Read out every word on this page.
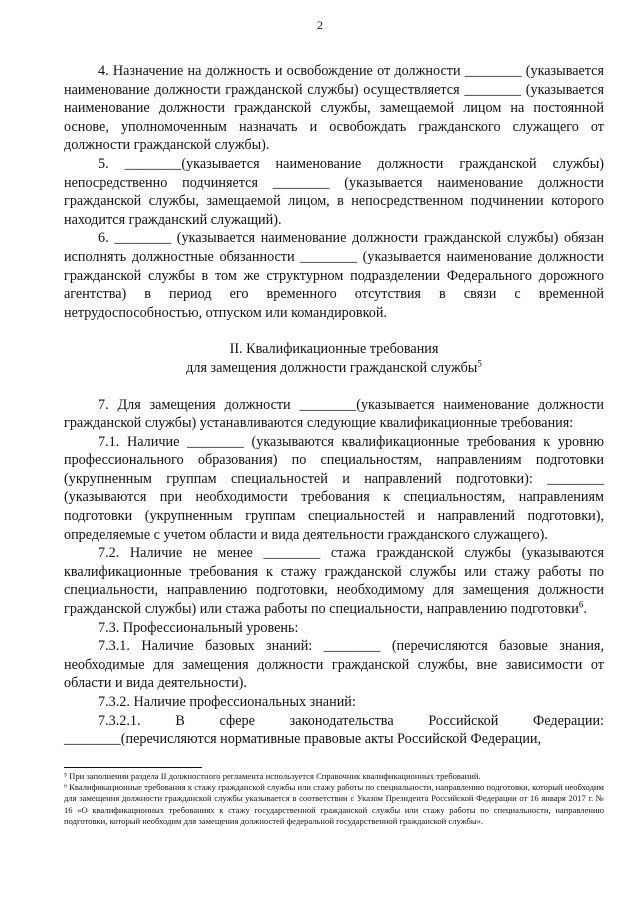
2

4. Назначение на должность и освобождение от должности ________ (указывается наименование должности гражданской службы) осуществляется ________ (указывается наименование должности гражданской службы, замещаемой лицом на постоянной основе, уполномоченным назначать и освобождать гражданского служащего от должности гражданской службы).

5. ________(указывается наименование должности гражданской службы) непосредственно подчиняется ________ (указывается наименование должности гражданской службы, замещаемой лицом, в непосредственном подчинении которого находится гражданский служащий).

6. ________ (указывается наименование должности гражданской службы) обязан исполнять должностные обязанности ________ (указывается наименование должности гражданской службы в том же структурном подразделении Федерального дорожного агентства) в период его временного отсутствия в связи с временной нетрудоспособностью, отпуском или командировкой.

II. Квалификационные требования

для замещения должности гражданской службы$^5$

7. Для замещения должности ________(указывается наименование должности гражданской службы) устанавливаются следующие квалификационные требования:

7.1. Наличие ________ (указываются квалификационные требования к уровню профессионального образования) по специальностям, направлениям подготовки (укрупненным группам специальностей и направлений подготовки): ________ (указываются при необходимости требования к специальностям, направлениям подготовки (укрупненным группам специальностей и направлений подготовки), определяемые с учетом области и вида деятельности гражданского служащего).

7.2. Наличие не менее ________ стажа гражданской службы (указываются квалификационные требования к стажу гражданской службы или стажу работы по специальности, направлению подготовки, необходимому для замещения должности гражданской службы) или стажа работы по специальности, направлению подготовки$^6$.

7.3. Профессиональный уровень:

7.3.1. Наличие базовых знаний: ________ (перечисляются базовые знания, необходимые для замещения должности гражданской службы, вне зависимости от области и вида деятельности).

7.3.2. Наличие профессиональных знаний:

7.3.2.1. В сфере законодательства Российской Федерации: ________(перечисляются нормативные правовые акты Российской Федерации,

⁵ При заполнении раздела II должностного регламента используется Справочник квалификационных требований.

⁶ Квалификационные требования к стажу гражданской службы или стажу работы по специальности, направлению подготовки, который необходим для замещения должности гражданской службы указывается в соответствии с Указом Президента Российской Федерации от 16 января 2017 г. № 16 «О квалификационных требованиях к стажу государственной гражданской службы или стажу работы по специальности, направлению подготовки, который необходим для замещения должностей федеральной государственной гражданской службы».
